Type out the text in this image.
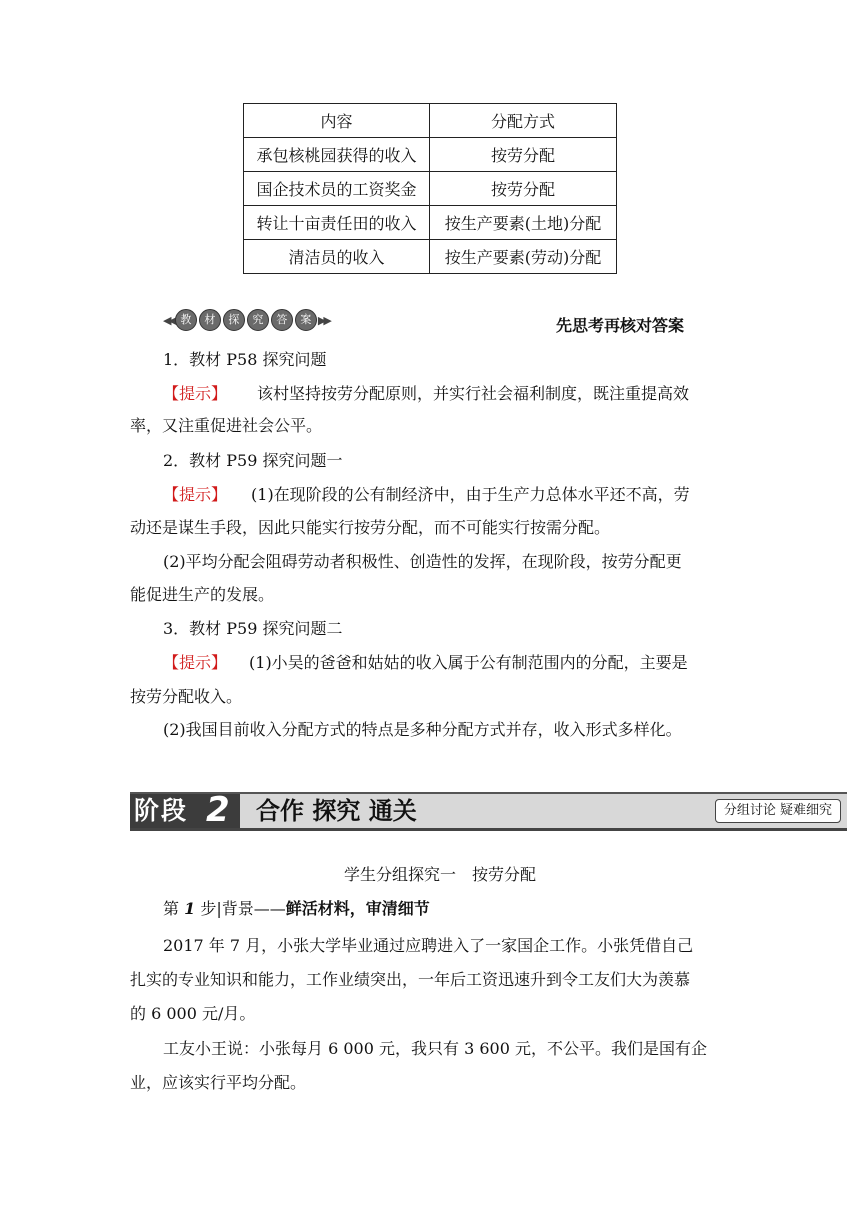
内容	分配方式
承包核桃园获得的收入	按劳分配
国企技术员的工资奖金	按劳分配
转让十亩责任田的收入	按生产要素(土地)分配
清洁员的收入	按生产要素(劳动)分配
◀◀ 教	材	探	究	答	案 ▶▶	先思考再核对答案
1．教材 P58 探究问题
【提示】 该村坚持按劳分配原则，并实行社会福利制度，既注重提高效
率，又注重促进社会公平。
2．教材 P59 探究问题一
【提示】 (1)在现阶段的公有制经济中，由于生产力总体水平还不高，劳
动还是谋生手段，因此只能实行按劳分配，而不可能实行按需分配。
(2)平均分配会阻碍劳动者积极性、创造性的发挥，在现阶段，按劳分配更
能促进生产的发展。
3．教材 P59 探究问题二
【提示】 (1)小吴的爸爸和姑姑的收入属于公有制范围内的分配，主要是
按劳分配收入。
(2)我国目前收入分配方式的特点是多种分配方式并存，收入形式多样化。
阶段 2 合作 探究 通关	分组讨论 疑难细究
学生分组探究一　按劳分配
第 1 步|背景——鲜活材料，审清细节
2017 年 7 月，小张大学毕业通过应聘进入了一家国企工作。小张凭借自己
扎实的专业知识和能力，工作业绩突出，一年后工资迅速升到令工友们大为羡慕
的 6 000 元/月。
工友小王说：小张每月 6 000 元，我只有 3 600 元，不公平。我们是国有企
业，应该实行平均分配。
